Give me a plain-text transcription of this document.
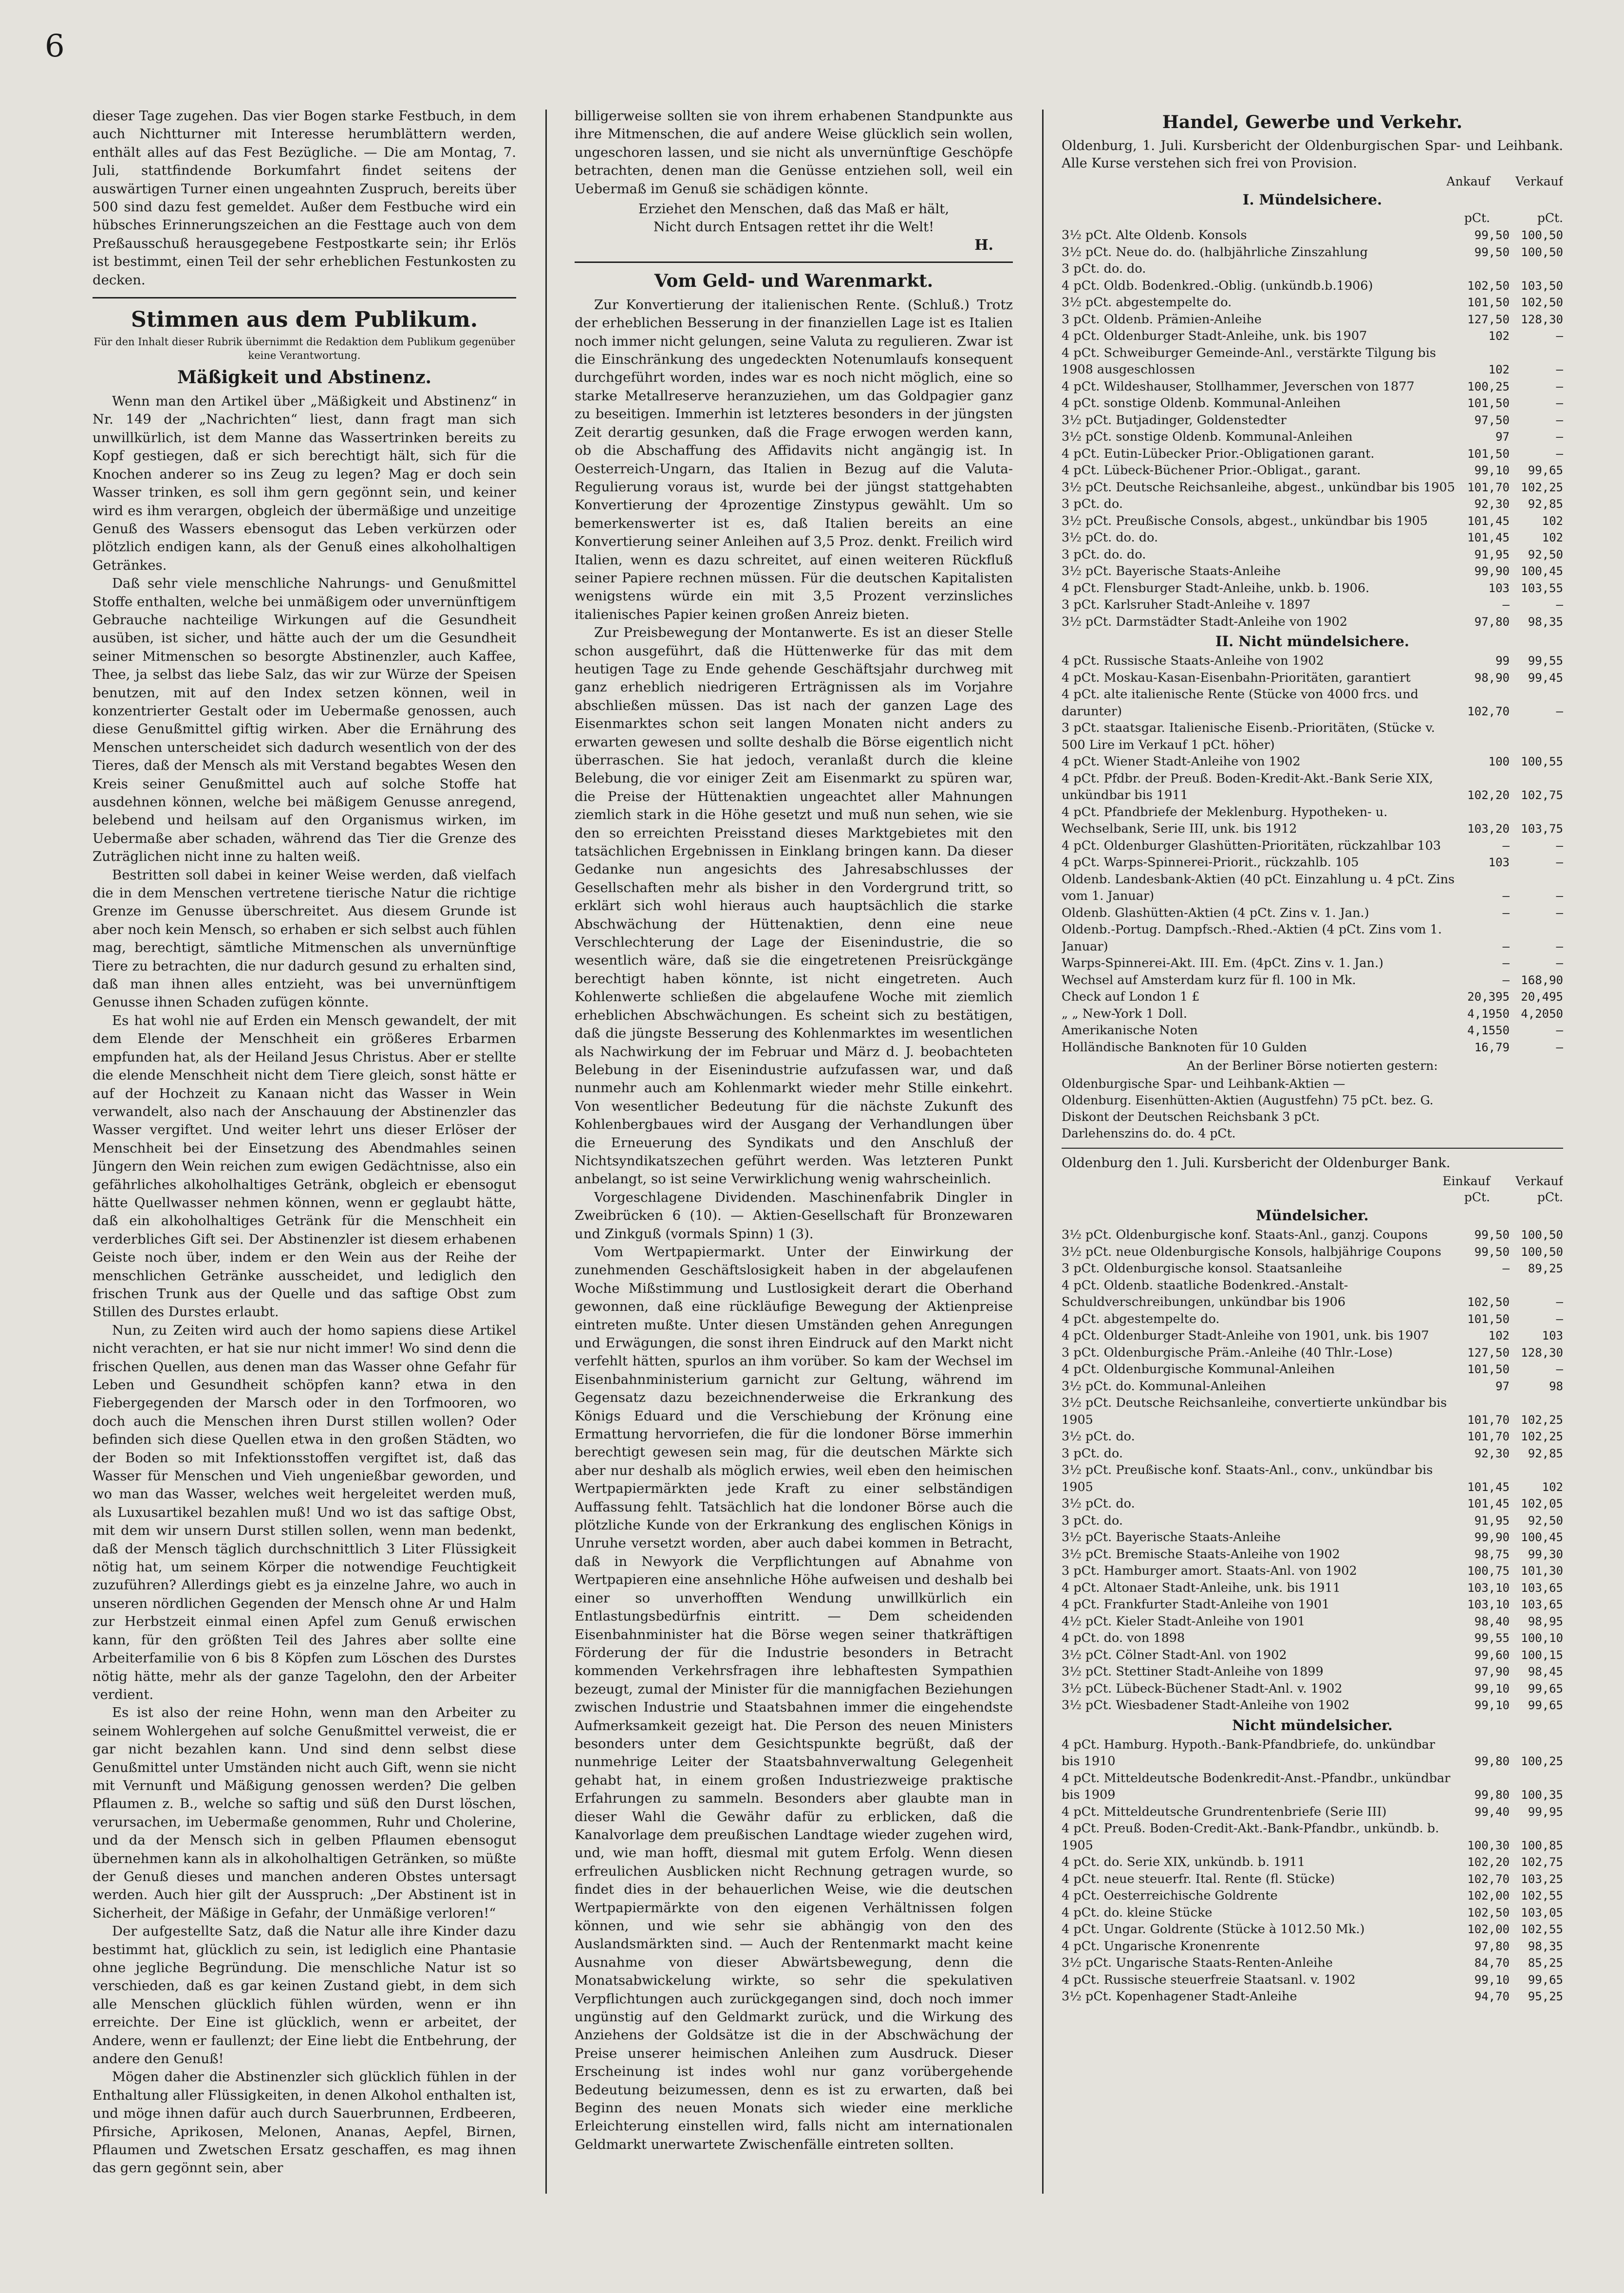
6
dieser Tage zugehen. Das vier Bogen starke Festbuch, in dem auch Nichtturner mit Interesse herumblättern werden, enthält alles auf das Fest Bezügliche. — Die am Montag, 7. Juli, stattfindende Borkumfahrt findet seitens der auswärtigen Turner einen ungeahnten Zuspruch, bereits über 500 sind dazu fest gemeldet. Außer dem Festbuche wird ein hübsches Erinnerungszeichen an die Festtage auch von dem Preßausschuß herausgegebene Festpostkarte sein; ihr Erlös ist bestimmt, einen Teil der sehr erheblichen Festunkosten zu decken.
Stimmen aus dem Publikum.
Für den Inhalt dieser Rubrik übernimmt die Redaktion dem Publikum gegenüber keine Verantwortung.
Mäßigkeit und Abstinenz.

Wenn man den Artikel über „Mäßigkeit und Abstinenz“ in Nr. 149 der „Nachrichten“ liest, dann fragt man sich unwillkürlich, ist dem Manne das Wassertrinken bereits zu Kopf gestiegen, daß er sich berechtigt hält, sich für die Knochen anderer so ins Zeug zu legen? Mag er doch sein Wasser trinken, es soll ihm gern gegönnt sein, und keiner wird es ihm verargen, obgleich der übermäßige und unzeitige Genuß des Wassers ebensogut das Leben verkürzen oder plötzlich endigen kann, als der Genuß eines alkoholhaltigen Getränkes.

Daß sehr viele menschliche Nahrungs- und Genußmittel Stoffe enthalten, welche bei unmäßigem oder unvernünftigem Gebrauche nachteilige Wirkungen auf die Gesundheit ausüben, ist sicher, und hätte auch der um die Gesundheit seiner Mitmenschen so besorgte Abstinenzler, auch Kaffee, Thee, ja selbst das liebe Salz, das wir zur Würze der Speisen benutzen, mit auf den Index setzen können, weil in konzentrierter Gestalt oder im Uebermaße genossen, auch diese Genußmittel giftig wirken. Aber die Ernährung des Menschen unterscheidet sich dadurch wesentlich von der des Tieres, daß der Mensch als mit Verstand begabtes Wesen den Kreis seiner Genußmittel auch auf solche Stoffe hat ausdehnen können, welche bei mäßigem Genusse anregend, belebend und heilsam auf den Organismus wirken, im Uebermaße aber schaden, während das Tier die Grenze des Zuträglichen nicht inne zu halten weiß.

Bestritten soll dabei in keiner Weise werden, daß vielfach die in dem Menschen vertretene tierische Natur die richtige Grenze im Genusse überschreitet. Aus diesem Grunde ist aber noch kein Mensch, so erhaben er sich selbst auch fühlen mag, berechtigt, sämtliche Mitmenschen als unvernünftige Tiere zu betrachten, die nur dadurch gesund zu erhalten sind, daß man ihnen alles entzieht, was bei unvernünftigem Genusse ihnen Schaden zufügen könnte.

Es hat wohl nie auf Erden ein Mensch gewandelt, der mit dem Elende der Menschheit ein größeres Erbarmen empfunden hat, als der Heiland Jesus Christus. Aber er stellte die elende Menschheit nicht dem Tiere gleich, sonst hätte er auf der Hochzeit zu Kanaan nicht das Wasser in Wein verwandelt, also nach der Anschauung der Abstinenzler das Wasser vergiftet. Und weiter lehrt uns dieser Erlöser der Menschheit bei der Einsetzung des Abendmahles seinen Jüngern den Wein reichen zum ewigen Gedächtnisse, also ein gefährliches alkoholhaltiges Getränk, obgleich er ebensogut hätte Quellwasser nehmen können, wenn er geglaubt hätte, daß ein alkoholhaltiges Getränk für die Menschheit ein verderbliches Gift sei. Der Abstinenzler ist diesem erhabenen Geiste noch über, indem er den Wein aus der Reihe der menschlichen Getränke ausscheidet, und lediglich den frischen Trunk aus der Quelle und das saftige Obst zum Stillen des Durstes erlaubt.

Nun, zu Zeiten wird auch der homo sapiens diese Artikel nicht verachten, er hat sie nur nicht immer! Wo sind denn die frischen Quellen, aus denen man das Wasser ohne Gefahr für Leben und Gesundheit schöpfen kann? etwa in den Fiebergegenden der Marsch oder in den Torfmooren, wo doch auch die Menschen ihren Durst stillen wollen? Oder befinden sich diese Quellen etwa in den großen Städten, wo der Boden so mit Infektionsstoffen vergiftet ist, daß das Wasser für Menschen und Vieh ungenießbar geworden, und wo man das Wasser, welches weit hergeleitet werden muß, als Luxusartikel bezahlen muß! Und wo ist das saftige Obst, mit dem wir unsern Durst stillen sollen, wenn man bedenkt, daß der Mensch täglich durchschnittlich 3 Liter Flüssigkeit nötig hat, um seinem Körper die notwendige Feuchtigkeit zuzuführen? Allerdings giebt es ja einzelne Jahre, wo auch in unseren nördlichen Gegenden der Mensch ohne Ar und Halm zur Herbstzeit einmal einen Apfel zum Genuß erwischen kann, für den größten Teil des Jahres aber sollte eine Arbeiterfamilie von 6 bis 8 Köpfen zum Löschen des Durstes nötig hätte, mehr als der ganze Tagelohn, den der Arbeiter verdient.

Es ist also der reine Hohn, wenn man den Arbeiter zu seinem Wohlergehen auf solche Genußmittel verweist, die er gar nicht bezahlen kann. Und sind denn selbst diese Genußmittel unter Umständen nicht auch Gift, wenn sie nicht mit Vernunft und Mäßigung genossen werden? Die gelben Pflaumen z. B., welche so saftig und süß den Durst löschen, verursachen, im Uebermaße genommen, Ruhr und Cholerine, und da der Mensch sich in gelben Pflaumen ebensogut übernehmen kann als in alkoholhaltigen Getränken, so müßte der Genuß dieses und manchen anderen Obstes untersagt werden. Auch hier gilt der Ausspruch: „Der Abstinent ist in Sicherheit, der Mäßige in Gefahr, der Unmäßige verloren!“

Der aufgestellte Satz, daß die Natur alle ihre Kinder dazu bestimmt hat, glücklich zu sein, ist lediglich eine Phantasie ohne jegliche Begründung. Die menschliche Natur ist so verschieden, daß es gar keinen Zustand giebt, in dem sich alle Menschen glücklich fühlen würden, wenn er ihn erreichte. Der Eine ist glücklich, wenn er arbeitet, der Andere, wenn er faullenzt; der Eine liebt die Entbehrung, der andere den Genuß!

Mögen daher die Abstinenzler sich glücklich fühlen in der Enthaltung aller Flüssigkeiten, in denen Alkohol enthalten ist, und möge ihnen dafür auch durch Sauerbrunnen, Erdbeeren, Pfirsiche, Aprikosen, Melonen, Ananas, Aepfel, Birnen, Pflaumen und Zwetschen Ersatz geschaffen, es mag ihnen das gern gegönnt sein, aber

billigerweise sollten sie von ihrem erhabenen Standpunkte aus ihre Mitmenschen, die auf andere Weise glücklich sein wollen, ungeschoren lassen, und sie nicht als unvernünftige Geschöpfe betrachten, denen man die Genüsse entziehen soll, weil ein Uebermaß im Genuß sie schädigen könnte.
Erziehet den Menschen, daß das Maß er hält,
Nicht durch Entsagen rettet ihr die Welt!
H.
Vom Geld- und Warenmarkt.

Zur Konvertierung der italienischen Rente. (Schluß.) Trotz der erheblichen Besserung in der finanziellen Lage ist es Italien noch immer nicht gelungen, seine Valuta zu regulieren. Zwar ist die Einschränkung des ungedeckten Notenumlaufs konsequent durchgeführt worden, indes war es noch nicht möglich, eine so starke Metallreserve heranzuziehen, um das Goldpagier ganz zu beseitigen. Immerhin ist letzteres besonders in der jüngsten Zeit derartig gesunken, daß die Frage erwogen werden kann, ob die Abschaffung des Affidavits nicht angängig ist. In Oesterreich-Ungarn, das Italien in Bezug auf die Valuta-Regulierung voraus ist, wurde bei der jüngst stattgehabten Konvertierung der 4prozentige Zinstypus gewählt. Um so bemerkenswerter ist es, daß Italien bereits an eine Konvertierung seiner Anleihen auf 3,5 Proz. denkt. Freilich wird Italien, wenn es dazu schreitet, auf einen weiteren Rückfluß seiner Papiere rechnen müssen. Für die deutschen Kapitalisten wenigstens würde ein mit 3,5 Prozent verzinsliches italienisches Papier keinen großen Anreiz bieten.

Zur Preisbewegung der Montanwerte. Es ist an dieser Stelle schon ausgeführt, daß die Hüttenwerke für das mit dem heutigen Tage zu Ende gehende Geschäftsjahr durchweg mit ganz erheblich niedrigeren Erträgnissen als im Vorjahre abschließen müssen. Das ist nach der ganzen Lage des Eisenmarktes schon seit langen Monaten nicht anders zu erwarten gewesen und sollte deshalb die Börse eigentlich nicht überraschen. Sie hat jedoch, veranlaßt durch die kleine Belebung, die vor einiger Zeit am Eisenmarkt zu spüren war, die Preise der Hüttenaktien ungeachtet aller Mahnungen ziemlich stark in die Höhe gesetzt und muß nun sehen, wie sie den so erreichten Preisstand dieses Marktgebietes mit den tatsächlichen Ergebnissen in Einklang bringen kann. Da dieser Gedanke nun angesichts des Jahresabschlusses der Gesellschaften mehr als bisher in den Vordergrund tritt, so erklärt sich wohl hieraus auch hauptsächlich die starke Abschwächung der Hüttenaktien, denn eine neue Verschlechterung der Lage der Eisenindustrie, die so wesentlich wäre, daß sie die eingetretenen Preisrückgänge berechtigt haben könnte, ist nicht eingetreten. Auch Kohlenwerte schließen die abgelaufene Woche mit ziemlich erheblichen Abschwächungen. Es scheint sich zu bestätigen, daß die jüngste Besserung des Kohlenmarktes im wesentlichen als Nachwirkung der im Februar und März d. J. beobachteten Belebung in der Eisenindustrie aufzufassen war, und daß nunmehr auch am Kohlenmarkt wieder mehr Stille einkehrt. Von wesentlicher Bedeutung für die nächste Zukunft des Kohlenbergbaues wird der Ausgang der Verhandlungen über die Erneuerung des Syndikats und den Anschluß der Nichtsyndikatszechen geführt werden. Was letzteren Punkt anbelangt, so ist seine Verwirklichung wenig wahrscheinlich.

Vorgeschlagene Dividenden. Maschinenfabrik Dingler in Zweibrücken 6 (10). — Aktien-Gesellschaft für Bronzewaren und Zinkguß (vormals Spinn) 1 (3).

Vom Wertpapiermarkt. Unter der Einwirkung der zunehmenden Geschäftslosigkeit haben in der abgelaufenen Woche Mißstimmung und Lustlosigkeit derart die Oberhand gewonnen, daß eine rückläufige Bewegung der Aktienpreise eintreten mußte. Unter diesen Umständen gehen Anregungen und Erwägungen, die sonst ihren Eindruck auf den Markt nicht verfehlt hätten, spurlos an ihm vorüber. So kam der Wechsel im Eisenbahnministerium garnicht zur Geltung, während im Gegensatz dazu bezeichnenderweise die Erkrankung des Königs Eduard und die Verschiebung der Krönung eine Ermattung hervorriefen, die für die londoner Börse immerhin berechtigt gewesen sein mag, für die deutschen Märkte sich aber nur deshalb als möglich erwies, weil eben den heimischen Wertpapiermärkten jede Kraft zu einer selbständigen Auffassung fehlt. Tatsächlich hat die londoner Börse auch die plötzliche Kunde von der Erkrankung des englischen Königs in Unruhe versetzt worden, aber auch dabei kommen in Betracht, daß in Newyork die Verpflichtungen auf Abnahme von Wertpapieren eine ansehnliche Höhe aufweisen und deshalb bei einer so unverhofften Wendung unwillkürlich ein Entlastungsbedürfnis eintritt. — Dem scheidenden Eisenbahnminister hat die Börse wegen seiner thatkräftigen Förderung der für die Industrie besonders in Betracht kommenden Verkehrsfragen ihre lebhaftesten Sympathien bezeugt, zumal der Minister für die mannigfachen Beziehungen zwischen Industrie und Staatsbahnen immer die eingehendste Aufmerksamkeit gezeigt hat. Die Person des neuen Ministers besonders unter dem Gesichtspunkte begrüßt, daß der nunmehrige Leiter der Staatsbahnverwaltung Gelegenheit gehabt hat, in einem großen Industriezweige praktische Erfahrungen zu sammeln. Besonders aber glaubte man in dieser Wahl die Gewähr dafür zu erblicken, daß die Kanalvorlage dem preußischen Landtage wieder zugehen wird, und, wie man hofft, diesmal mit gutem Erfolg. Wenn diesen erfreulichen Ausblicken nicht Rechnung getragen wurde, so findet dies in der behauerlichen Weise, wie die deutschen Wertpapiermärkte von den eigenen Verhältnissen folgen können, und wie sehr sie abhängig von den des Auslandsmärkten sind. — Auch der Rentenmarkt macht keine Ausnahme von dieser Abwärtsbewegung, denn die Monatsabwickelung wirkte, so sehr die spekulativen Verpflichtungen auch zurückgegangen sind, doch noch immer ungünstig auf den Geldmarkt zurück, und die Wirkung des Anziehens der Goldsätze ist die in der Abschwächung der Preise unserer heimischen Anleihen zum Ausdruck. Dieser Erscheinung ist indes wohl nur ganz vorübergehende Bedeutung beizumessen, denn es ist zu erwarten, daß bei Beginn des neuen Monats sich wieder eine merkliche Erleichterung einstellen wird, falls nicht am internationalen Geldmarkt unerwartete Zwischenfälle eintreten sollten.

Handel, Gewerbe und Verkehr.
Oldenburg, 1. Juli. Kursbericht der Oldenburgischen Spar- und Leihbank. Alle Kurse verstehen sich frei von Provision.
Ankauf	Verkauf
I. Mündelsichere.
pCt.	pCt.
3½ pCt. Alte Oldenb. Konsols	99,50	100,50
3½ pCt. Neue do. do. (halbjährliche Zinszahlung	99,50	100,50
3 pCt. do. do.		
4 pCt. Oldb. Bodenkred.-Oblig. (unkündb.b.1906)	102,50	103,50
3½ pCt. abgestempelte do.	101,50	102,50
3 pCt. Oldenb. Prämien-Anleihe	127,50	128,30
4 pCt. Oldenburger Stadt-Anleihe, unk. bis 1907	102	—
4 pCt. Schweiburger Gemeinde-Anl., verstärkte Tilgung bis 1908 ausgeschlossen	102	—
4 pCt. Wildeshauser, Stollhammer, Jeverschen von 1877	100,25	—
4 pCt. sonstige Oldenb. Kommunal-Anleihen	101,50	—
3½ pCt. Butjadinger, Goldenstedter	97,50	—
3½ pCt. sonstige Oldenb. Kommunal-Anleihen	97	—
4 pCt. Eutin-Lübecker Prior.-Obligationen garant.	101,50	—
4 pCt. Lübeck-Büchener Prior.-Obligat., garant.	99,10	99,65
3½ pCt. Deutsche Reichsanleihe, abgest., unkündbar bis 1905	101,70	102,25
3 pCt. do.	92,30	92,85
3½ pCt. Preußische Consols, abgest., unkündbar bis 1905	101,45	102
3½ pCt. do. do.	101,45	102
3 pCt. do. do.	91,95	92,50
3½ pCt. Bayerische Staats-Anleihe	99,90	100,45
4 pCt. Flensburger Stadt-Anleihe, unkb. b. 1906.	103	103,55
3 pCt. Karlsruher Stadt-Anleihe v. 1897	—	—
3½ pCt. Darmstädter Stadt-Anleihe von 1902	97,80	98,35
II. Nicht mündelsichere.
4 pCt. Russische Staats-Anleihe von 1902	99	99,55
4 pCt. Moskau-Kasan-Eisenbahn-Prioritäten, garantiert	98,90	99,45
4 pCt. alte italienische Rente (Stücke von 4000 frcs. und darunter)	102,70	—
3 pCt. staatsgar. Italienische Eisenb.-Prioritäten, (Stücke v. 500 Lire im Verkauf 1 pCt. höher)		
4 pCt. Wiener Stadt-Anleihe von 1902	100	100,55
4 pCt. Pfdbr. der Preuß. Boden-Kredit-Akt.-Bank Serie XIX, unkündbar bis 1911	102,20	102,75
4 pCt. Pfandbriefe der Meklenburg. Hypotheken- u. Wechselbank, Serie III, unk. bis 1912	103,20	103,75
4 pCt. Oldenburger Glashütten-Prioritäten, rückzahlbar 103	—	—
4 pCt. Warps-Spinnerei-Priorit., rückzahlb. 105	103	—
Oldenb. Landesbank-Aktien (40 pCt. Einzahlung u. 4 pCt. Zins vom 1. Januar)	—	—
Oldenb. Glashütten-Aktien (4 pCt. Zins v. 1. Jan.)	—	—
Oldenb.-Portug. Dampfsch.-Rhed.-Aktien (4 pCt. Zins vom 1. Januar)	—	—
Warps-Spinnerei-Akt. III. Em. (4pCt. Zins v. 1. Jan.)	—	—
Wechsel auf Amsterdam kurz für fl. 100 in Mk.	—	168,90
Check auf London 1 £	20,395	20,495
„ „ New-York 1 Doll.	4,1950	4,2050
Amerikanische Noten	4,1550	—
Holländische Banknoten für 10 Gulden	16,79	—
An der Berliner Börse notierten gestern:
Oldenburgische Spar- und Leihbank-Aktien —
Oldenburg. Eisenhütten-Aktien (Augustfehn) 75 pCt. bez. G.
Diskont der Deutschen Reichsbank 3 pCt.
Darlehenszins do. do. 4 pCt.
Oldenburg den 1. Juli. Kursbericht der Oldenburger Bank.
Einkauf	Verkauf
pCt.	pCt.
Mündelsicher.
3½ pCt. Oldenburgische konf. Staats-Anl., ganzj. Coupons	99,50	100,50
3½ pCt. neue Oldenburgische Konsols, halbjährige Coupons	99,50	100,50
3 pCt. Oldenburgische konsol. Staatsanleihe	—	89,25
4 pCt. Oldenb. staatliche Bodenkred.-Anstalt-Schuldverschreibungen, unkündbar bis 1906	102,50	—
4 pCt. abgestempelte do.	101,50	—
4 pCt. Oldenburger Stadt-Anleihe von 1901, unk. bis 1907	102	103
3 pCt. Oldenburgische Präm.-Anleihe (40 Thlr.-Lose)	127,50	128,30
4 pCt. Oldenburgische Kommunal-Anleihen	101,50	—
3½ pCt. do. Kommunal-Anleihen	97	98
3½ pCt. Deutsche Reichsanleihe, convertierte unkündbar bis 1905	101,70	102,25
3½ pCt. do.	101,70	102,25
3 pCt. do.	92,30	92,85
3½ pCt. Preußische konf. Staats-Anl., conv., unkündbar bis 1905	101,45	102
3½ pCt. do.	101,45	102,05
3 pCt. do.	91,95	92,50
3½ pCt. Bayerische Staats-Anleihe	99,90	100,45
3½ pCt. Bremische Staats-Anleihe von 1902	98,75	99,30
3 pCt. Hamburger amort. Staats-Anl. von 1902	100,75	101,30
4 pCt. Altonaer Stadt-Anleihe, unk. bis 1911	103,10	103,65
4 pCt. Frankfurter Stadt-Anleihe von 1901	103,10	103,65
4½ pCt. Kieler Stadt-Anleihe von 1901	98,40	98,95
4 pCt. do. von 1898	99,55	100,10
3½ pCt. Cölner Stadt-Anl. von 1902	99,60	100,15
3½ pCt. Stettiner Stadt-Anleihe von 1899	97,90	98,45
3½ pCt. Lübeck-Büchener Stadt-Anl. v. 1902	99,10	99,65
3½ pCt. Wiesbadener Stadt-Anleihe von 1902	99,10	99,65
Nicht mündelsicher.
4 pCt. Hamburg. Hypoth.-Bank-Pfandbriefe, do. unkündbar bis 1910	99,80	100,25
4 pCt. Mitteldeutsche Bodenkredit-Anst.-Pfandbr., unkündbar bis 1909	99,80	100,35
4 pCt. Mitteldeutsche Grundrentenbriefe (Serie III)	99,40	99,95
4 pCt. Preuß. Boden-Credit-Akt.-Bank-Pfandbr., unkündb. b. 1905	100,30	100,85
4 pCt. do. Serie XIX, unkündb. b. 1911	102,20	102,75
4 pCt. neue steuerfr. Ital. Rente (fl. Stücke)	102,70	103,25
4 pCt. Oesterreichische Goldrente	102,00	102,55
4 pCt. do. kleine Stücke	102,50	103,05
4 pCt. Ungar. Goldrente (Stücke à 1012.50 Mk.)	102,00	102,55
4 pCt. Ungarische Kronenrente	97,80	98,35
3½ pCt. Ungarische Staats-Renten-Anleihe	84,70	85,25
4 pCt. Russische steuerfreie Staatsanl. v. 1902	99,10	99,65
3½ pCt. Kopenhagener Stadt-Anleihe	94,70	95,25
